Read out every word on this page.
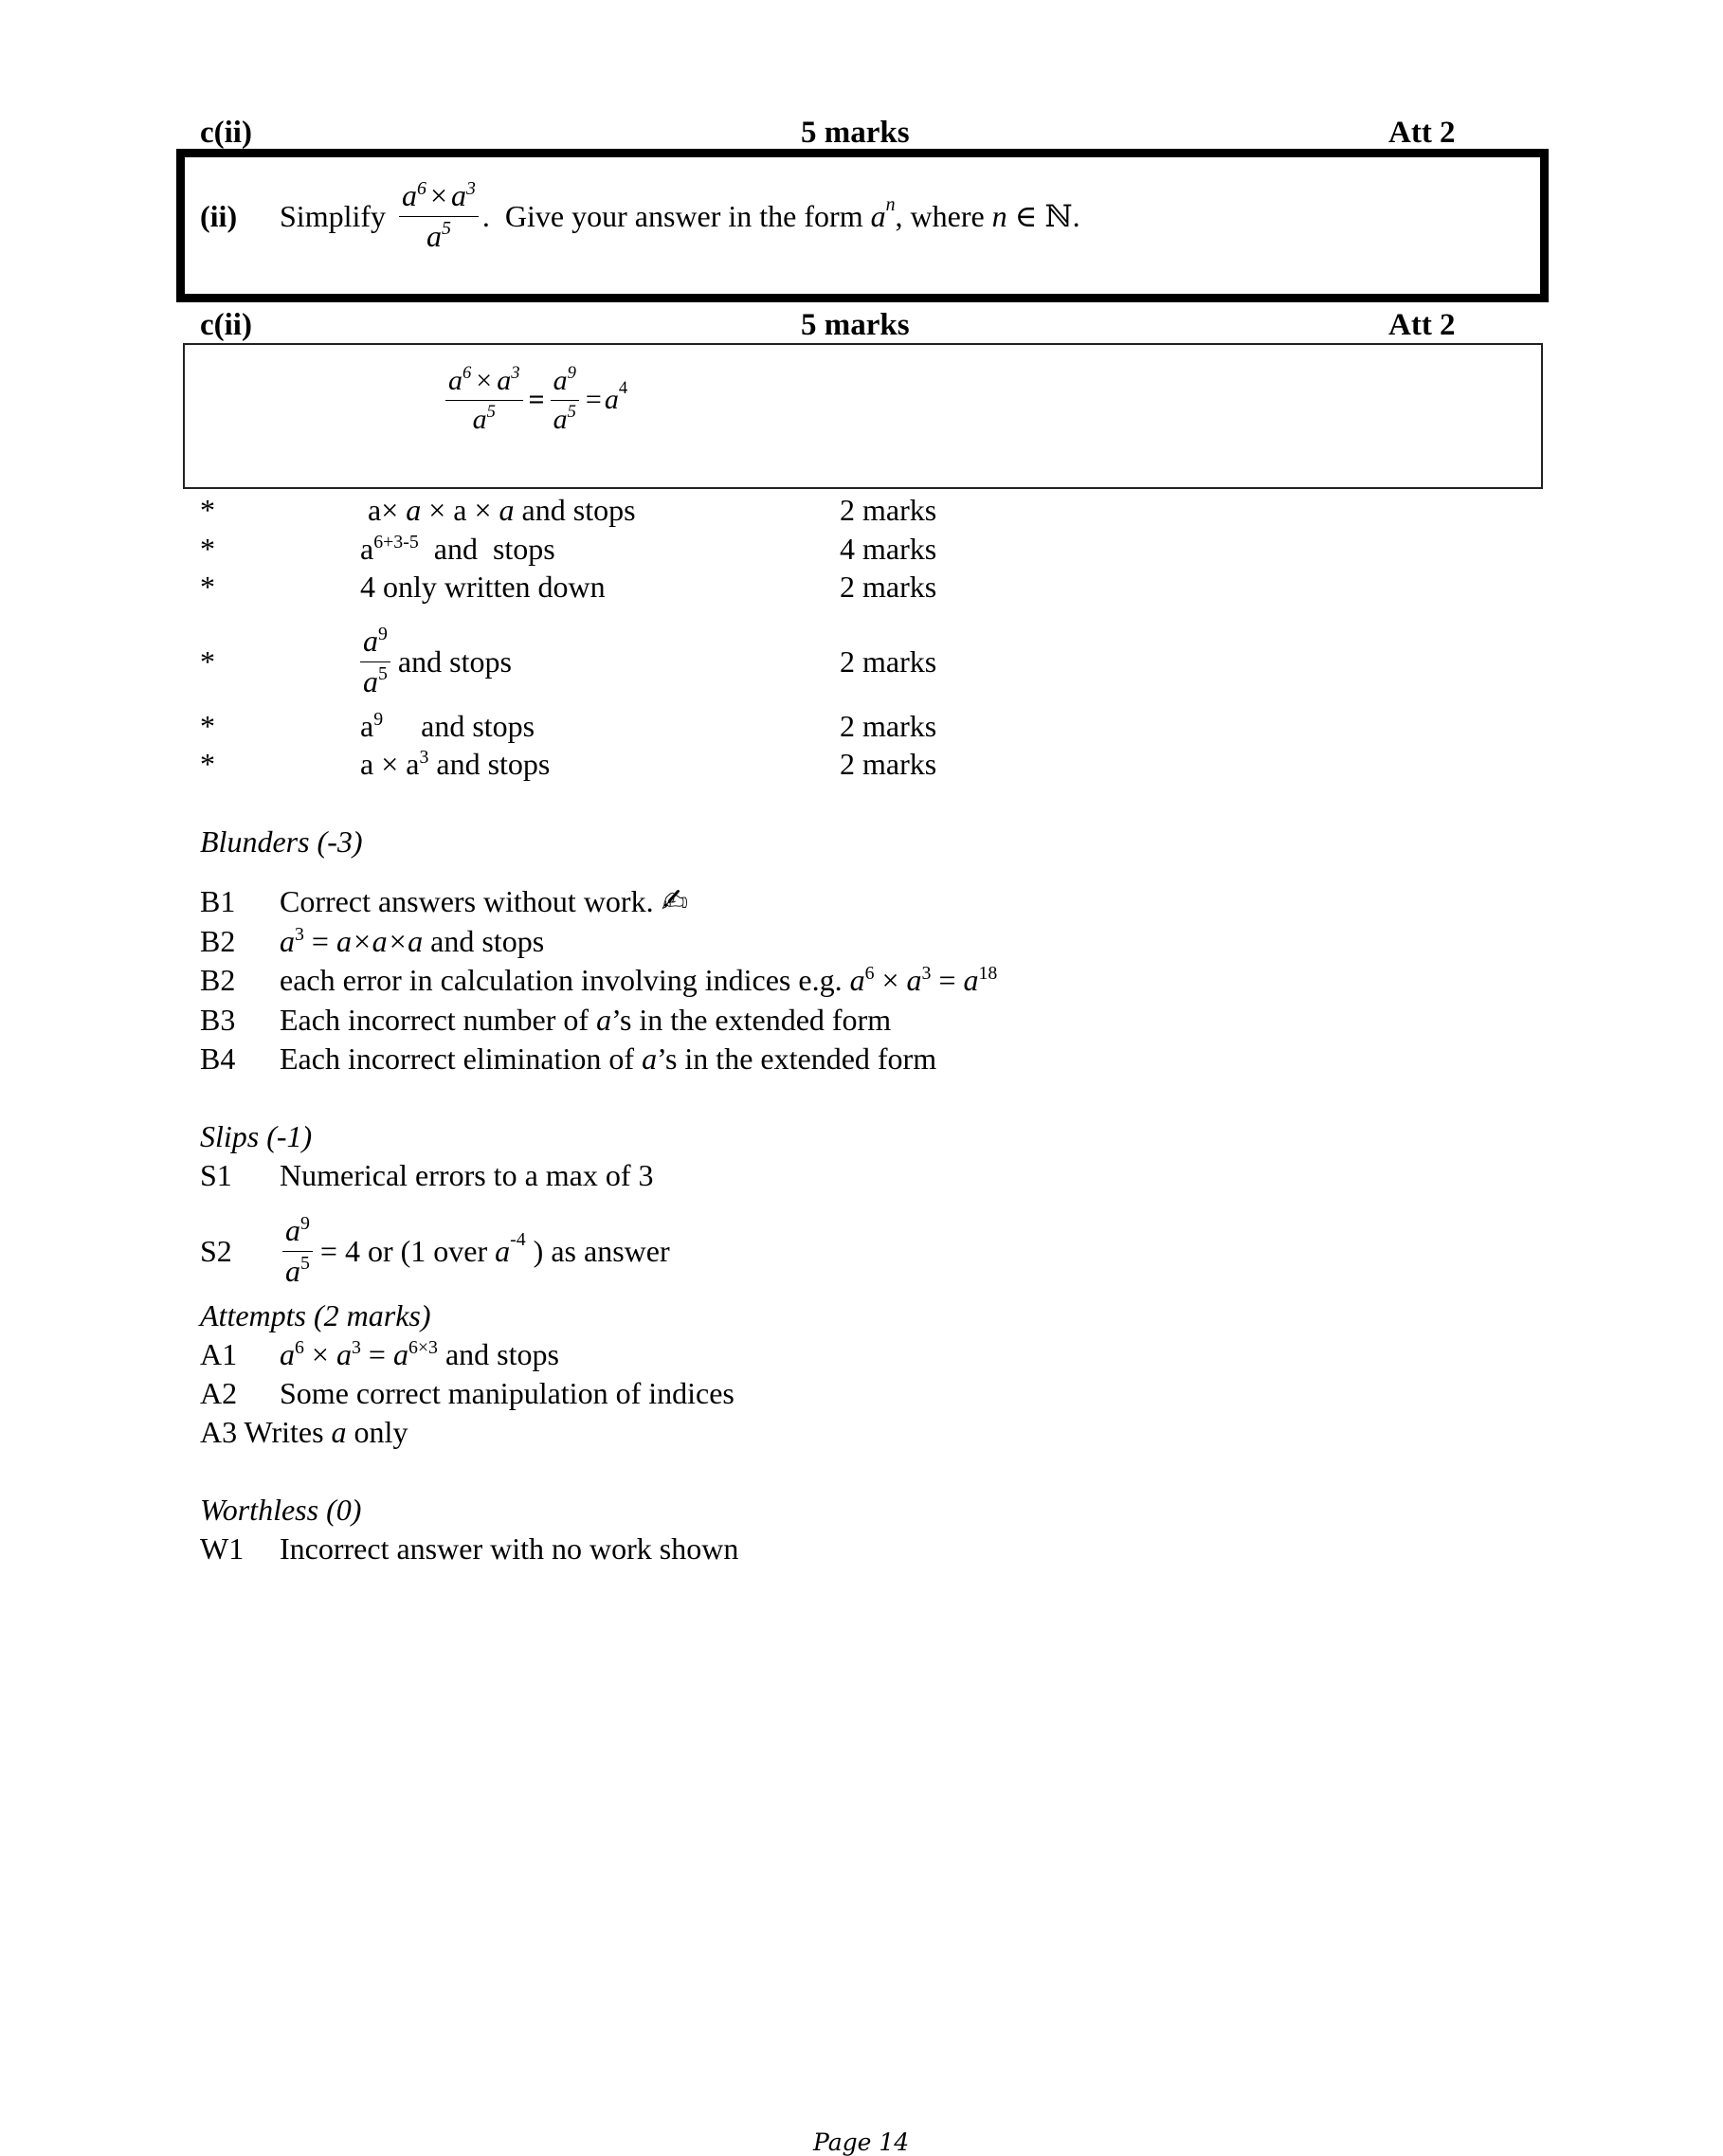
c(ii)	5 marks	Att 2
(ii) Simplify $\frac{a^6 \times a^3}{a^5}$ .  Give your answer in the form $a^n$ , where n ∈ ℕ.
c(ii)	5 marks	Att 2
$\frac{a^6 \times a^3}{a^5} = \frac{a^9}{a^5} = a^4$
*	a× a × a × a and stops	2 marks
*	$a^{6+3-5}$  and  stops	4 marks
*	4 only written down	2 marks
*	$\frac{a^9}{a^5}$ and stops	2 marks
*	$a^9$     and stops	2 marks
*	$a \times a^3$ and stops	2 marks
Blunders (-3)
B1 Correct answers without work. ✍
B2 $a^3 = a\times a\times a$ and stops
B2 each error in calculation involving indices e.g. $a^6 \times a^3 = a^{18}$
B3 Each incorrect number of a’s in the extended form
B4 Each incorrect elimination of a’s in the extended form
Slips (-1)
S1 Numerical errors to a max of 3
$S2 \frac{a^9}{a^5} = 4$ or (1 over $a^{-4}$ ) as answer
Attempts (2 marks)
A1 $a^6 \times a^3 = a^{6\times 3}$ and stops
A2 Some correct manipulation of indices
A3 Writes a only
Worthless (0)
W1 Incorrect answer with no work shown
Page 14
